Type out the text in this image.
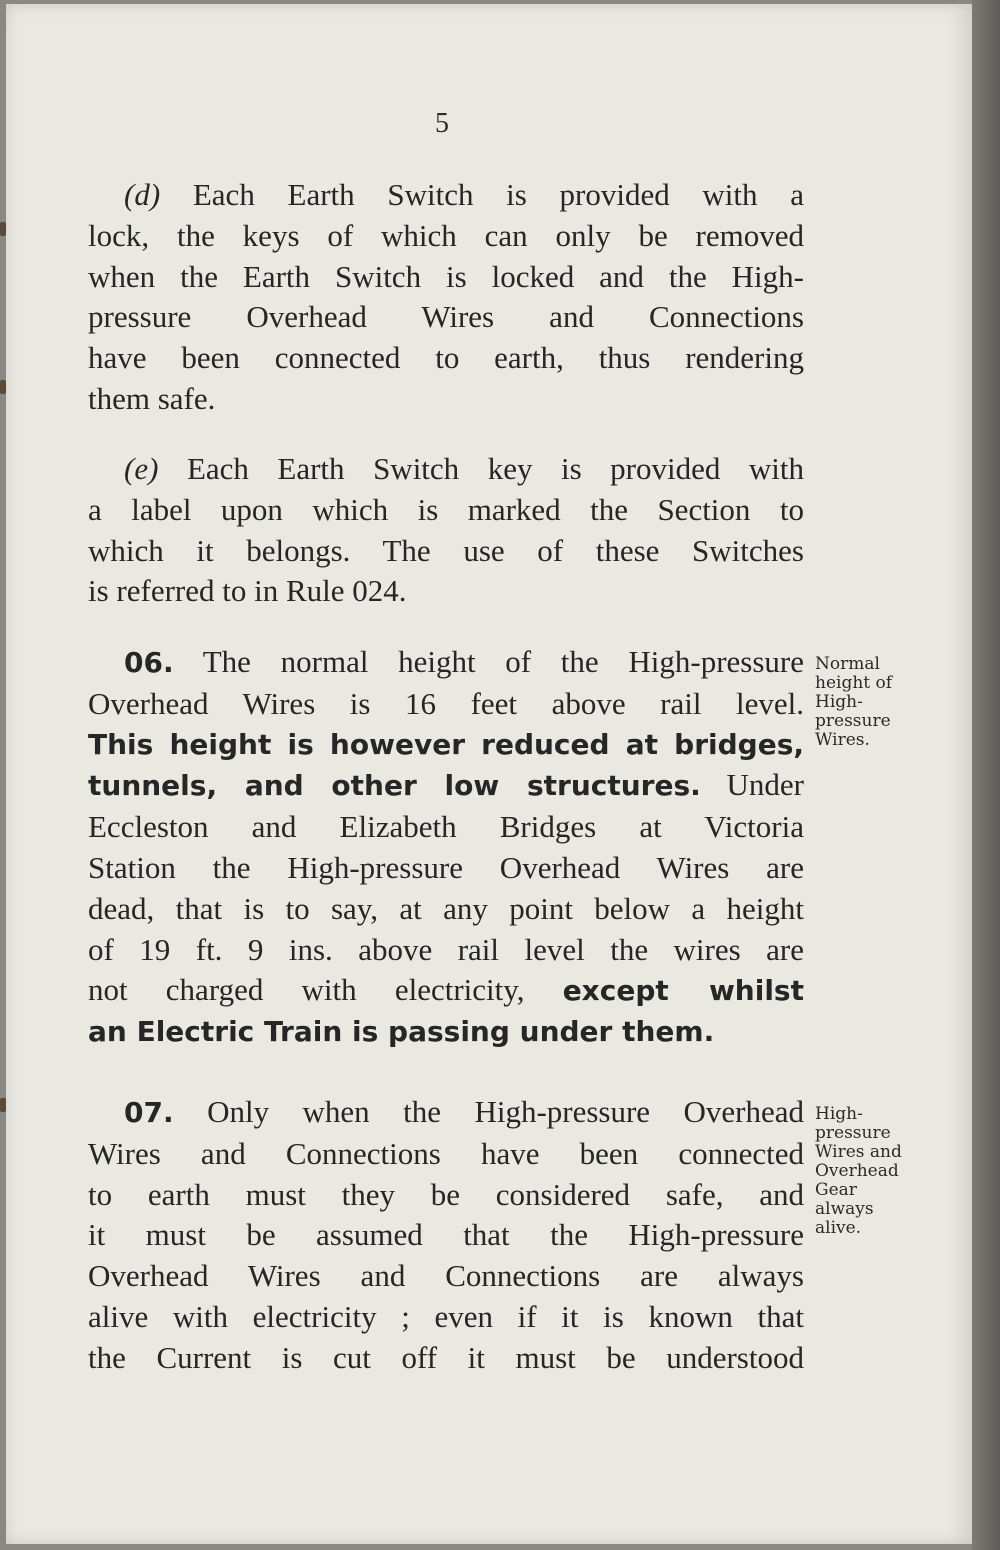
5
(d) Each Earth Switch is provided with a
lock, the keys of which can only be removed
when the Earth Switch is locked and the High-
pressure Overhead Wires and Connections
have been connected to earth, thus rendering
them safe.
(e) Each Earth Switch key is provided with
a label upon which is marked the Section to
which it belongs. The use of these Switches
is referred to in Rule 024.
06. The normal height of the High-pressure
Overhead Wires is 16 feet above rail level.
This height is however reduced at bridges,
tunnels, and other low structures. Under
Eccleston and Elizabeth Bridges at Victoria
Station the High-pressure Overhead Wires are
dead, that is to say, at any point below a height
of 19 ft. 9 ins. above rail level the wires are
not charged with electricity, except whilst
an Electric Train is passing under them.
Normal
height of
High-
pressure
Wires.
07. Only when the High-pressure Overhead
Wires and Connections have been connected
to earth must they be considered safe, and
it must be assumed that the High-pressure
Overhead Wires and Connections are always
alive with electricity ; even if it is known that
the Current is cut off it must be understood
High-
pressure
Wires and
Overhead
Gear
always
alive.
